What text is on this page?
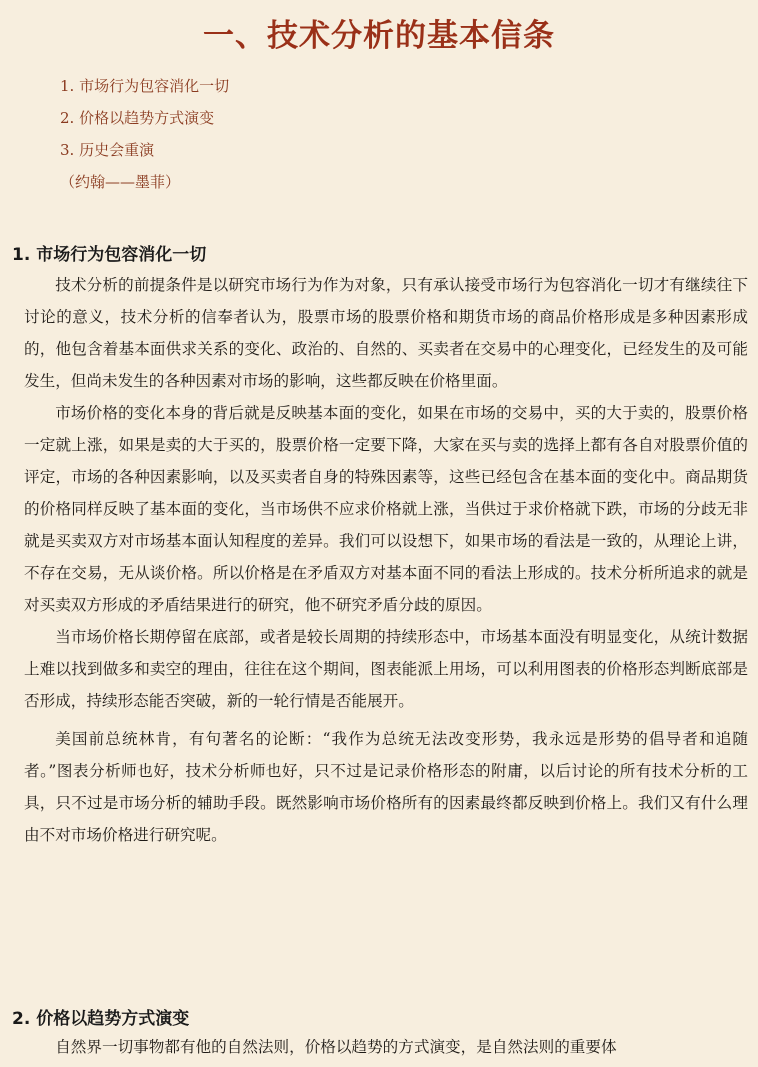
一、技术分析的基本信条
1. 市场行为包容消化一切
2. 价格以趋势方式演变
3. 历史会重演
（约翰——墨菲）
1. 市场行为包容消化一切

技术分析的前提条件是以研究市场行为作为对象，只有承认接受市场行为包容消化一切才有继续往下讨论的意义，技术分析的信奉者认为，股票市场的股票价格和期货市场的商品价格形成是多种因素形成的，他包含着基本面供求关系的变化、政治的、自然的、买卖者在交易中的心理变化，已经发生的及可能发生，但尚未发生的各种因素对市场的影响，这些都反映在价格里面。

市场价格的变化本身的背后就是反映基本面的变化，如果在市场的交易中，买的大于卖的，股票价格一定就上涨，如果是卖的大于买的，股票价格一定要下降，大家在买与卖的选择上都有各自对股票价值的评定，市场的各种因素影响，以及买卖者自身的特殊因素等，这些已经包含在基本面的变化中。商品期货的价格同样反映了基本面的变化，当市场供不应求价格就上涨，当供过于求价格就下跌，市场的分歧无非就是买卖双方对市场基本面认知程度的差异。我们可以设想下，如果市场的看法是一致的，从理论上讲，不存在交易，无从谈价格。所以价格是在矛盾双方对基本面不同的看法上形成的。技术分析所追求的就是对买卖双方形成的矛盾结果进行的研究，他不研究矛盾分歧的原因。

当市场价格长期停留在底部，或者是较长周期的持续形态中，市场基本面没有明显变化，从统计数据上难以找到做多和卖空的理由，往往在这个期间，图表能派上用场，可以利用图表的价格形态判断底部是否形成，持续形态能否突破，新的一轮行情是否能展开。

美国前总统林肯，有句著名的论断：“我作为总统无法改变形势，我永远是形势的倡导者和追随者。”图表分析师也好，技术分析师也好，只不过是记录价格形态的附庸，以后讨论的所有技术分析的工具，只不过是市场分析的辅助手段。既然影响市场价格所有的因素最终都反映到价格上。我们又有什么理由不对市场价格进行研究呢。

2. 价格以趋势方式演变

自然界一切事物都有他的自然法则，价格以趋势的方式演变，是自然法则的重要体
